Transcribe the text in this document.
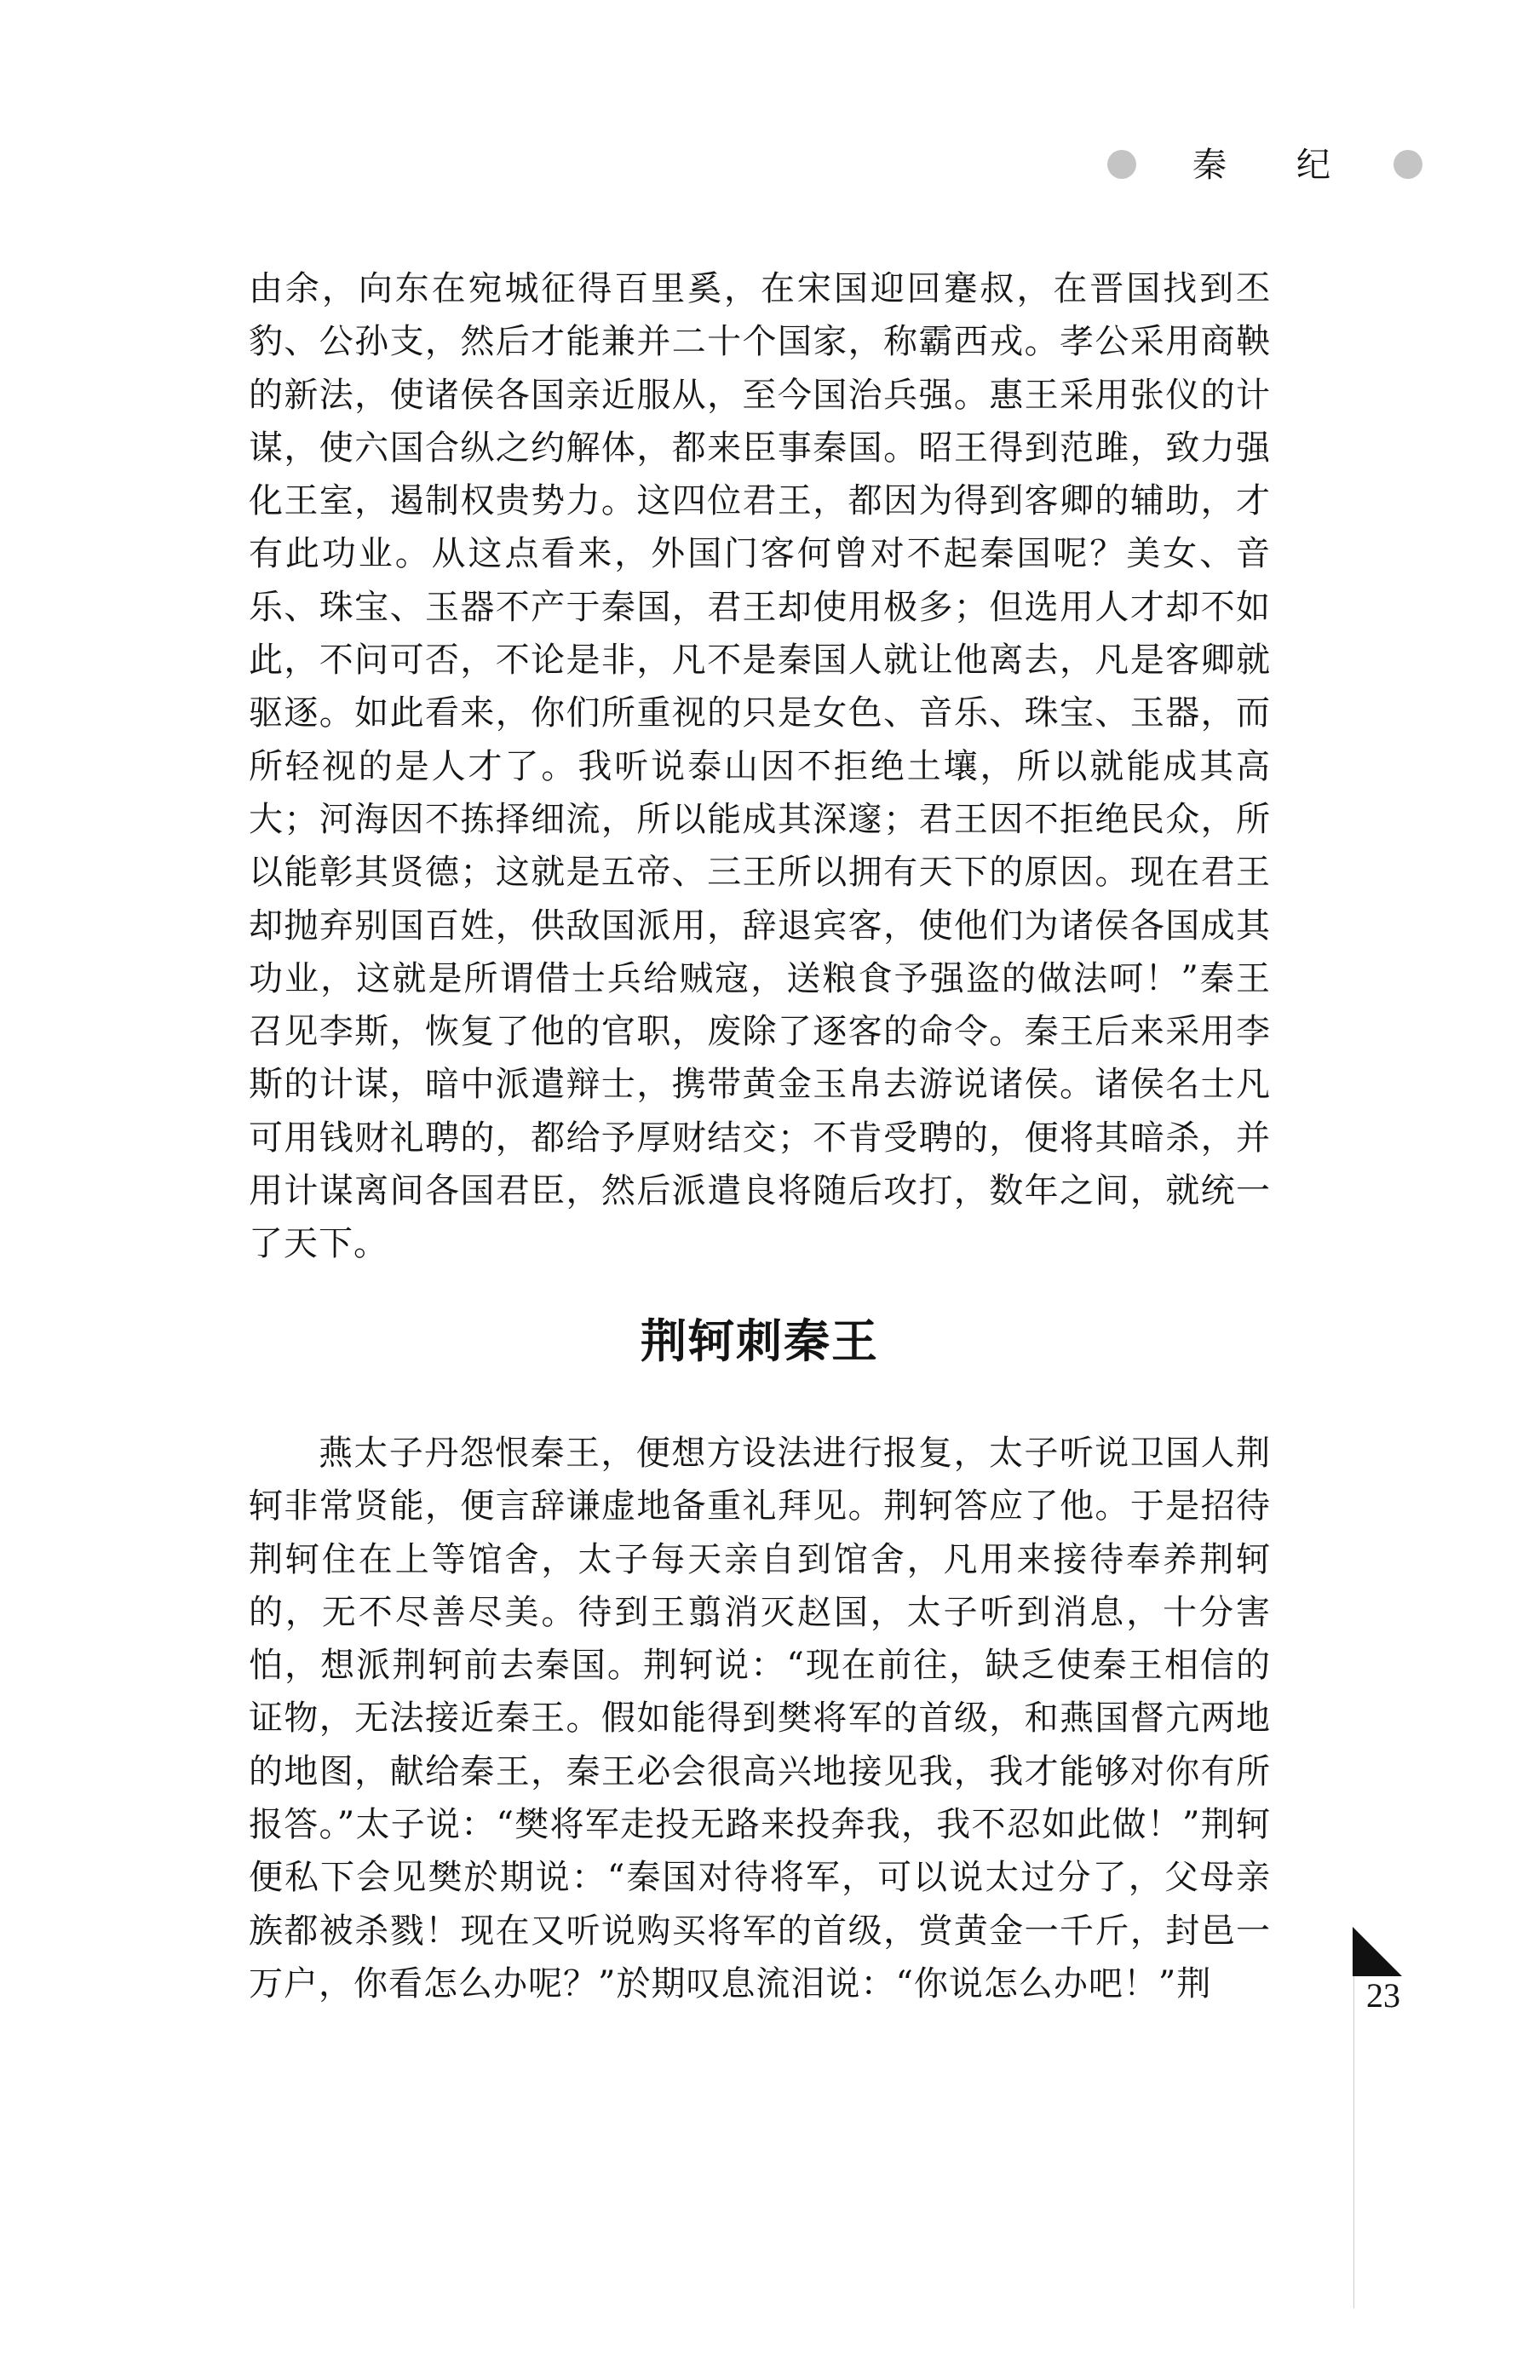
秦 纪

由余，向东在宛城征得百里奚，在宋国迎回蹇叔，在晋国找到丕豹、公孙支，然后才能兼并二十个国家，称霸西戎。孝公采用商鞅的新法，使诸侯各国亲近服从，至今国治兵强。惠王采用张仪的计谋，使六国合纵之约解体，都来臣事秦国。昭王得到范雎，致力强化王室，遏制权贵势力。这四位君王，都因为得到客卿的辅助，才有此功业。从这点看来，外国门客何曾对不起秦国呢？美女、音乐、珠宝、玉器不产于秦国，君王却使用极多；但选用人才却不如此，不问可否，不论是非，凡不是秦国人就让他离去，凡是客卿就驱逐。如此看来，你们所重视的只是女色、音乐、珠宝、玉器，而所轻视的是人才了。我听说泰山因不拒绝土壤，所以就能成其高大；河海因不拣择细流，所以能成其深邃；君王因不拒绝民众，所以能彰其贤德；这就是五帝、三王所以拥有天下的原因。现在君王却抛弃别国百姓，供敌国派用，辞退宾客，使他们为诸侯各国成其功业，这就是所谓借士兵给贼寇，送粮食予强盗的做法呵！”秦王召见李斯，恢复了他的官职，废除了逐客的命令。秦王后来采用李斯的计谋，暗中派遣辩士，携带黄金玉帛去游说诸侯。诸侯名士凡可用钱财礼聘的，都给予厚财结交；不肯受聘的，便将其暗杀，并用计谋离间各国君臣，然后派遣良将随后攻打，数年之间，就统一了天下。

荆轲刺秦王

燕太子丹怨恨秦王，便想方设法进行报复，太子听说卫国人荆轲非常贤能，便言辞谦虚地备重礼拜见。荆轲答应了他。于是招待荆轲住在上等馆舍，太子每天亲自到馆舍，凡用来接待奉养荆轲的，无不尽善尽美。待到王翦消灭赵国，太子听到消息，十分害怕，想派荆轲前去秦国。荆轲说：“现在前往，缺乏使秦王相信的证物，无法接近秦王。假如能得到樊将军的首级，和燕国督亢两地的地图，献给秦王，秦王必会很高兴地接见我，我才能够对你有所报答。”太子说：“樊将军走投无路来投奔我，我不忍如此做！”荆轲便私下会见樊於期说：“秦国对待将军，可以说太过分了，父母亲族都被杀戮！现在又听说购买将军的首级，赏黄金一千斤，封邑一万户，你看怎么办呢？”於期叹息流泪说：“你说怎么办吧！”荆	23
